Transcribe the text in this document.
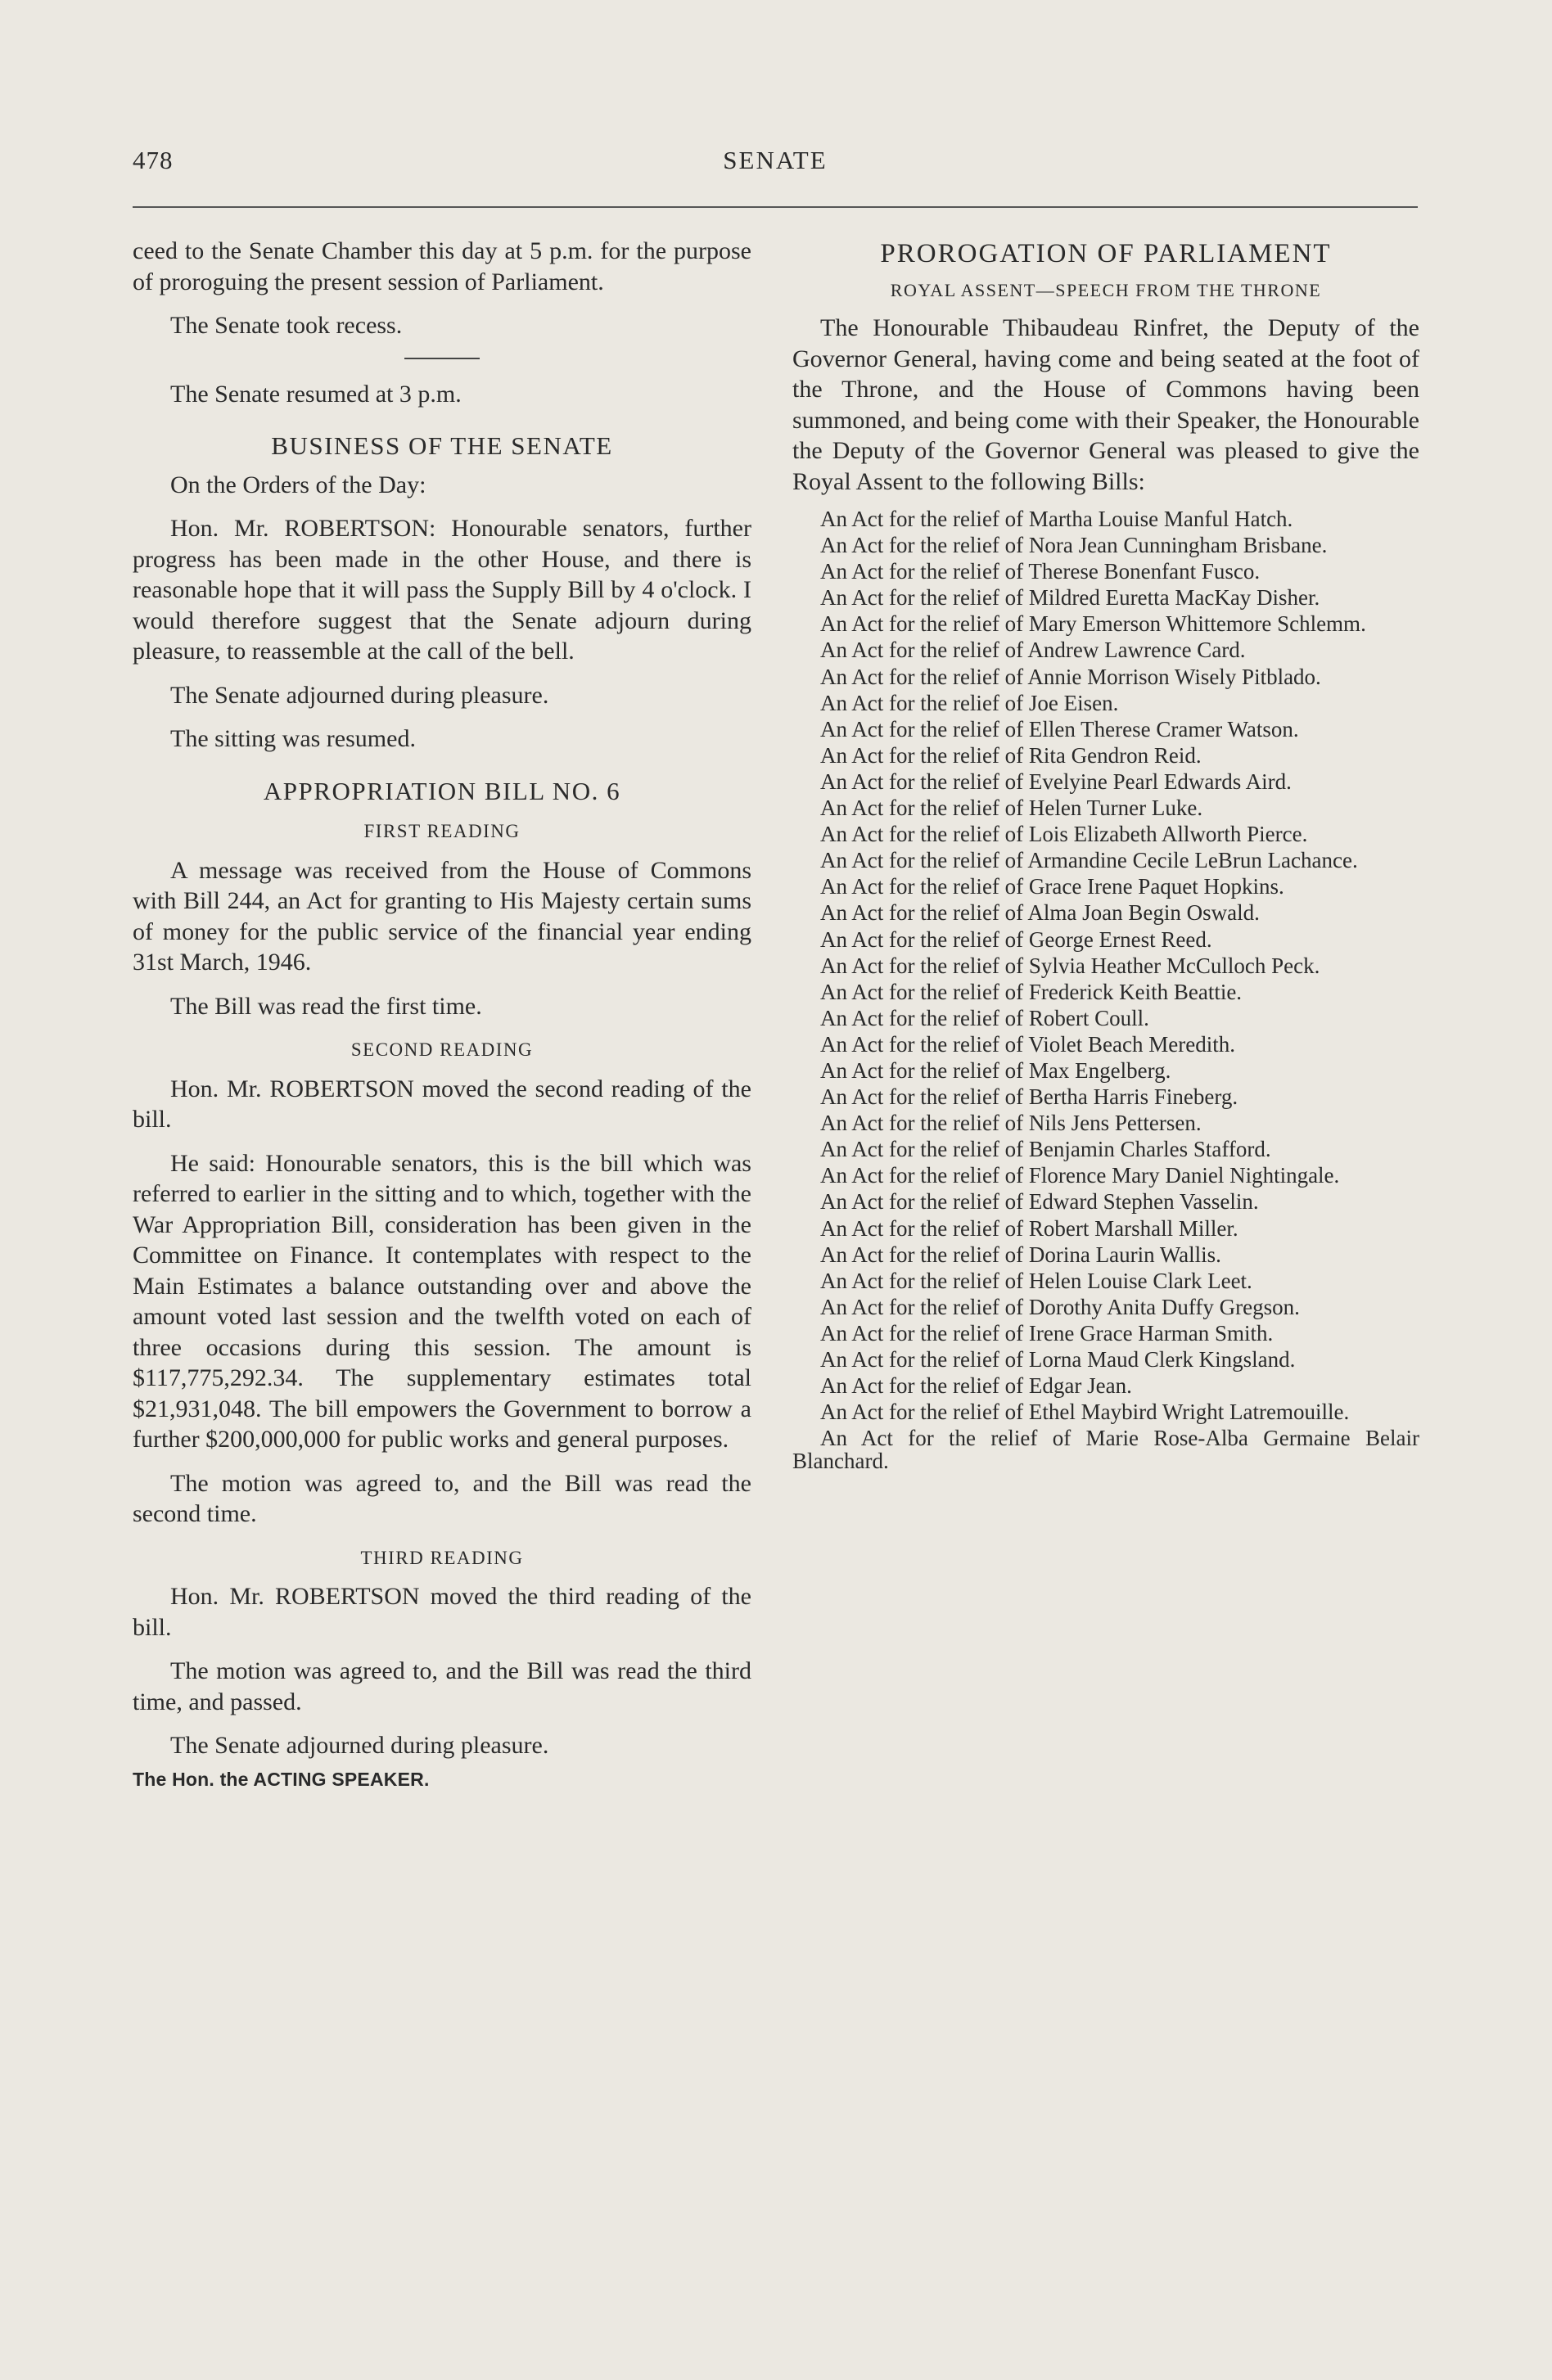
478	SENATE

ceed to the Senate Chamber this day at 5 p.m. for the purpose of proroguing the present session of Parliament.

The Senate took recess.

The Senate resumed at 3 p.m.

BUSINESS OF THE SENATE

On the Orders of the Day:

Hon. Mr. ROBERTSON: Honourable senators, further progress has been made in the other House, and there is reasonable hope that it will pass the Supply Bill by 4 o'clock. I would therefore suggest that the Senate adjourn during pleasure, to reassemble at the call of the bell.

The Senate adjourned during pleasure.

The sitting was resumed.

APPROPRIATION BILL NO. 6
FIRST READING

A message was received from the House of Commons with Bill 244, an Act for granting to His Majesty certain sums of money for the public service of the financial year ending 31st March, 1946.

The Bill was read the first time.

SECOND READING

Hon. Mr. ROBERTSON moved the second reading of the bill.

He said: Honourable senators, this is the bill which was referred to earlier in the sitting and to which, together with the War Appropriation Bill, consideration has been given in the Committee on Finance. It contemplates with respect to the Main Estimates a balance outstanding over and above the amount voted last session and the twelfth voted on each of three occasions during this session. The amount is $117,775,292.34. The supplementary estimates total $21,931,048. The bill empowers the Government to borrow a further $200,000,000 for public works and general purposes.

The motion was agreed to, and the Bill was read the second time.

THIRD READING

Hon. Mr. ROBERTSON moved the third reading of the bill.

The motion was agreed to, and the Bill was read the third time, and passed.

The Senate adjourned during pleasure.

The Hon. the ACTING SPEAKER.

PROROGATION OF PARLIAMENT
ROYAL ASSENT—SPEECH FROM THE THRONE

The Honourable Thibaudeau Rinfret, the Deputy of the Governor General, having come and being seated at the foot of the Throne, and the House of Commons having been summoned, and being come with their Speaker, the Honourable the Deputy of the Governor General was pleased to give the Royal Assent to the following Bills:

An Act for the relief of Martha Louise Manful Hatch.
An Act for the relief of Nora Jean Cunningham Brisbane.
An Act for the relief of Therese Bonenfant Fusco.
An Act for the relief of Mildred Euretta MacKay Disher.
An Act for the relief of Mary Emerson Whittemore Schlemm.
An Act for the relief of Andrew Lawrence Card.
An Act for the relief of Annie Morrison Wisely Pitblado.
An Act for the relief of Joe Eisen.
An Act for the relief of Ellen Therese Cramer Watson.
An Act for the relief of Rita Gendron Reid.
An Act for the relief of Evelyine Pearl Edwards Aird.
An Act for the relief of Helen Turner Luke.
An Act for the relief of Lois Elizabeth Allworth Pierce.
An Act for the relief of Armandine Cecile LeBrun Lachance.
An Act for the relief of Grace Irene Paquet Hopkins.
An Act for the relief of Alma Joan Begin Oswald.
An Act for the relief of George Ernest Reed.
An Act for the relief of Sylvia Heather McCulloch Peck.
An Act for the relief of Frederick Keith Beattie.
An Act for the relief of Robert Coull.
An Act for the relief of Violet Beach Meredith.
An Act for the relief of Max Engelberg.
An Act for the relief of Bertha Harris Fineberg.
An Act for the relief of Nils Jens Pettersen.
An Act for the relief of Benjamin Charles Stafford.
An Act for the relief of Florence Mary Daniel Nightingale.
An Act for the relief of Edward Stephen Vasselin.
An Act for the relief of Robert Marshall Miller.
An Act for the relief of Dorina Laurin Wallis.
An Act for the relief of Helen Louise Clark Leet.
An Act for the relief of Dorothy Anita Duffy Gregson.
An Act for the relief of Irene Grace Harman Smith.
An Act for the relief of Lorna Maud Clerk Kingsland.
An Act for the relief of Edgar Jean.
An Act for the relief of Ethel Maybird Wright Latremouille.
An Act for the relief of Marie Rose-Alba Germaine Belair Blanchard.
